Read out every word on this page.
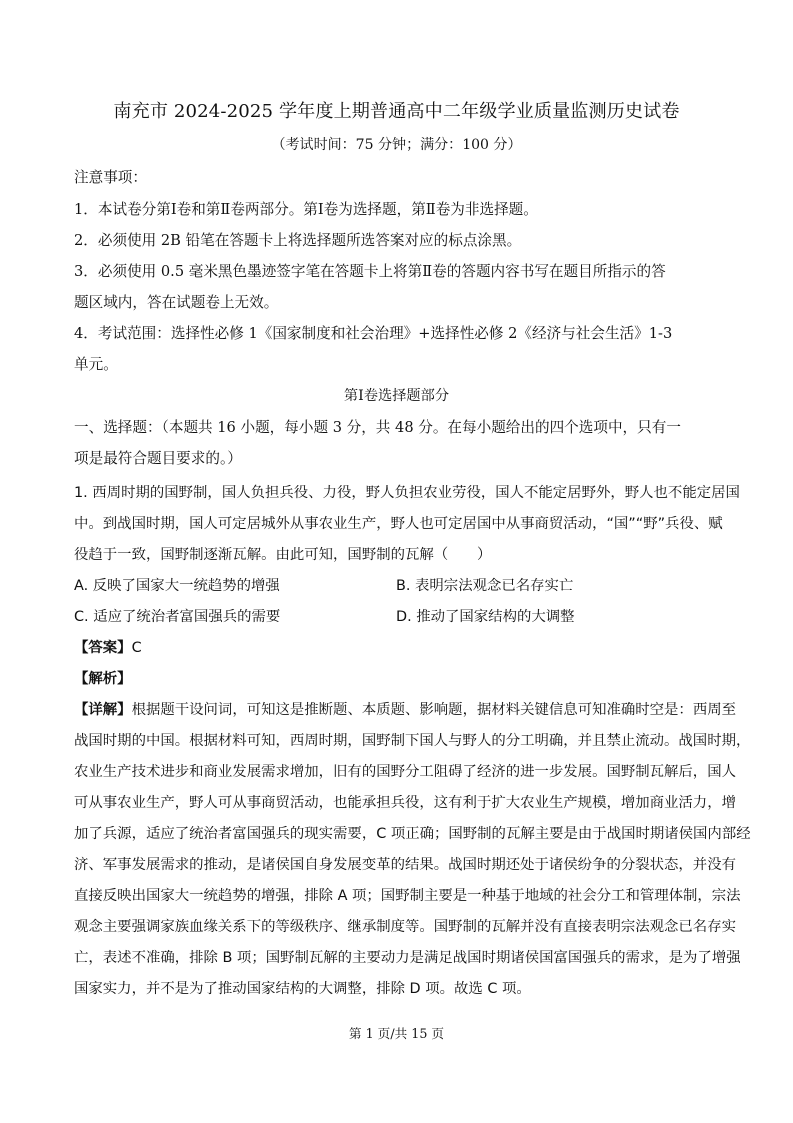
南充市 2024-2025 学年度上期普通高中二年级学业质量监测历史试卷
（考试时间：75 分钟；满分：100 分）
注意事项：
1．本试卷分第Ⅰ卷和第Ⅱ卷两部分。第Ⅰ卷为选择题，第Ⅱ卷为非选择题。
2．必须使用 2B 铅笔在答题卡上将选择题所选答案对应的标点涂黑。
3．必须使用 0.5 毫米黑色墨迹签字笔在答题卡上将第Ⅱ卷的答题内容书写在题目所指示的答
题区域内，答在试题卷上无效。
4．考试范围：选择性必修 1《国家制度和社会治理》+选择性必修 2《经济与社会生活》1-3
单元。
第Ⅰ卷选择题部分
一、选择题：（本题共 16 小题，每小题 3 分，共 48 分。在每小题给出的四个选项中，只有一
项是最符合题目要求的。）
1. 西周时期的国野制，国人负担兵役、力役，野人负担农业劳役，国人不能定居野外，野人也不能定居国
中。到战国时期，国人可定居城外从事农业生产，野人也可定居国中从事商贸活动，“国”“野”兵役、赋
役趋于一致，国野制逐渐瓦解。由此可知，国野制的瓦解（　　）
A. 反映了国家大一统趋势的增强	B. 表明宗法观念已名存实亡
C. 适应了统治者富国强兵的需要	D. 推动了国家结构的大调整
【答案】C
【解析】
【详解】根据题干设问词，可知这是推断题、本质题、影响题，据材料关键信息可知准确时空是：西周至
战国时期的中国。根据材料可知，西周时期，国野制下国人与野人的分工明确，并且禁止流动。战国时期，
农业生产技术进步和商业发展需求增加，旧有的国野分工阻碍了经济的进一步发展。国野制瓦解后，国人
可从事农业生产，野人可从事商贸活动，也能承担兵役，这有利于扩大农业生产规模，增加商业活力，增
加了兵源，适应了统治者富国强兵的现实需要，C 项正确；国野制的瓦解主要是由于战国时期诸侯国内部经
济、军事发展需求的推动，是诸侯国自身发展变革的结果。战国时期还处于诸侯纷争的分裂状态，并没有
直接反映出国家大一统趋势的增强，排除 A 项；国野制主要是一种基于地域的社会分工和管理体制，宗法
观念主要强调家族血缘关系下的等级秩序、继承制度等。国野制的瓦解并没有直接表明宗法观念已名存实
亡，表述不准确，排除 B 项；国野制瓦解的主要动力是满足战国时期诸侯国富国强兵的需求，是为了增强
国家实力，并不是为了推动国家结构的大调整，排除 D 项。故选 C 项。
第 1 页/共 15 页
